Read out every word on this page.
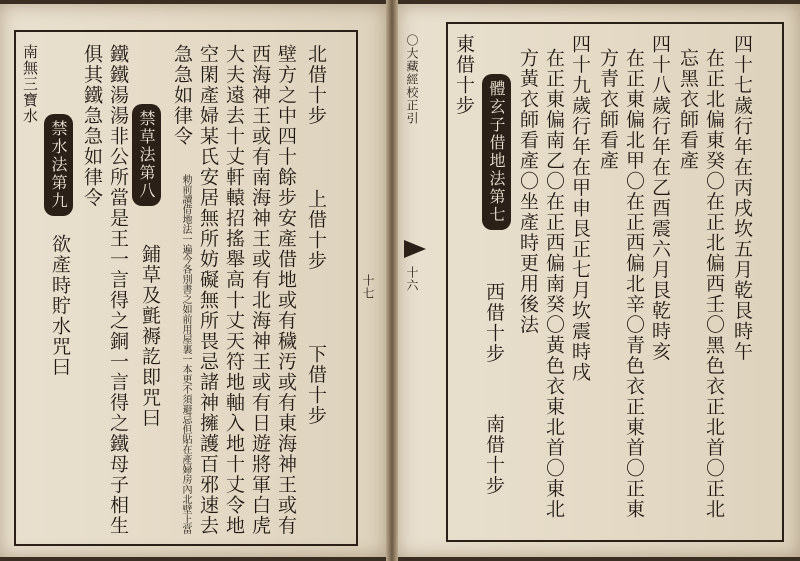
南無三寶水
欲產時貯水咒曰
禁水法第九 俱其鐵急急如律令 鐵鐵湯湯非公所當是王一言得之銅一言得之鐵母子相生 禁草法第八
鋪草及氈褥訖即咒曰
急急如律令
勑前讀借地法一遍今各別書之如前用屋裏一本更不須避忌但貼在產婦房內北壁上當 空閑產婦某氏安居無所妨礙無所畏忌諸神擁護百邪速去 大夫遠去十丈軒轅招搖舉高十丈天符地軸入地十丈令地 西海神王或有南海神王或有北海神王或有日遊將軍白虎 壁方之中四十餘步安產借地或有穢汚或有東海神王或有 下借十步
上借十步
北借十步
十七
〇大藏經校正引
十六
東借十步
體玄子借地法第七
西借十步
南借十步
方黃衣師看產〇坐產時更用後法 在正東偏南乙〇在正西偏南癸〇黃色衣東北首〇東北 四十九歲行年在甲申艮正七月坎震時戌 方青衣師看產 在正東偏北甲〇在正西偏北辛〇青色衣正東首〇正東 四十八歲行年在乙酉震六月艮乾時亥 忘黑衣師看產 在正北偏東癸〇在正北偏西壬〇黑色衣正北首〇正北 四十七歲行年在丙戌坎五月乾艮時午
